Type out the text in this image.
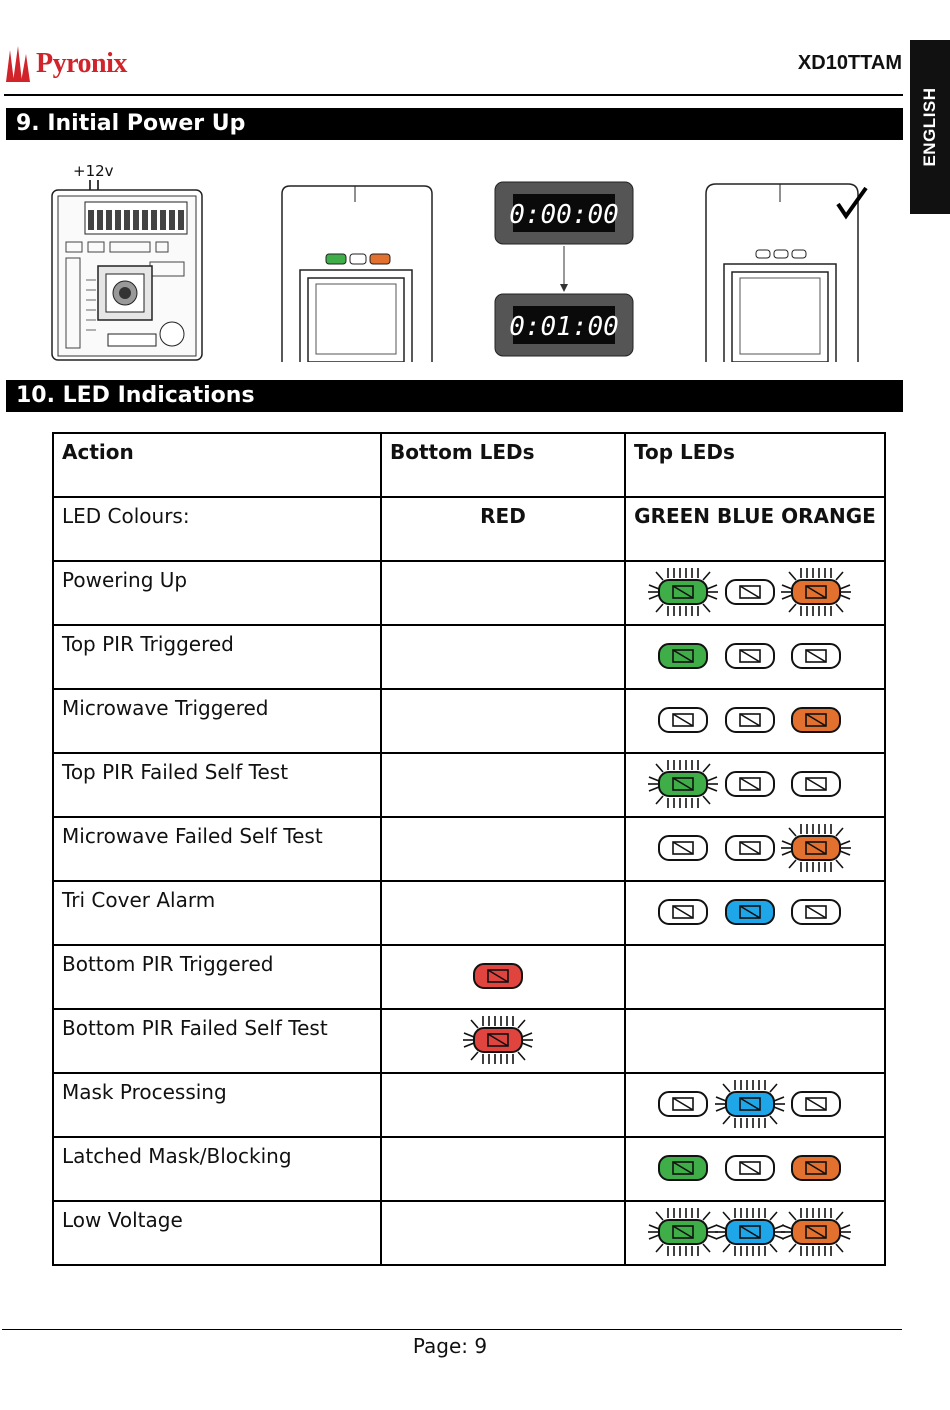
Pyronix	XD10TTAM
ENGLISH
9. Initial Power Up
+12v
0:00:00
0:01:00
10. LED Indications
Action	Bottom LEDs	Top LEDs
LED Colours:	RED	GREEN BLUE ORANGE
Powering Up	

Top PIR Triggered	

Microwave Triggered	

Top PIR Failed Self Test	

Microwave Failed Self Test	

Tri Cover Alarm	

Bottom PIR Triggered	

Bottom PIR Failed Self Test	

Mask Processing	

Latched Mask/Blocking	

Low Voltage	

Page: 9
